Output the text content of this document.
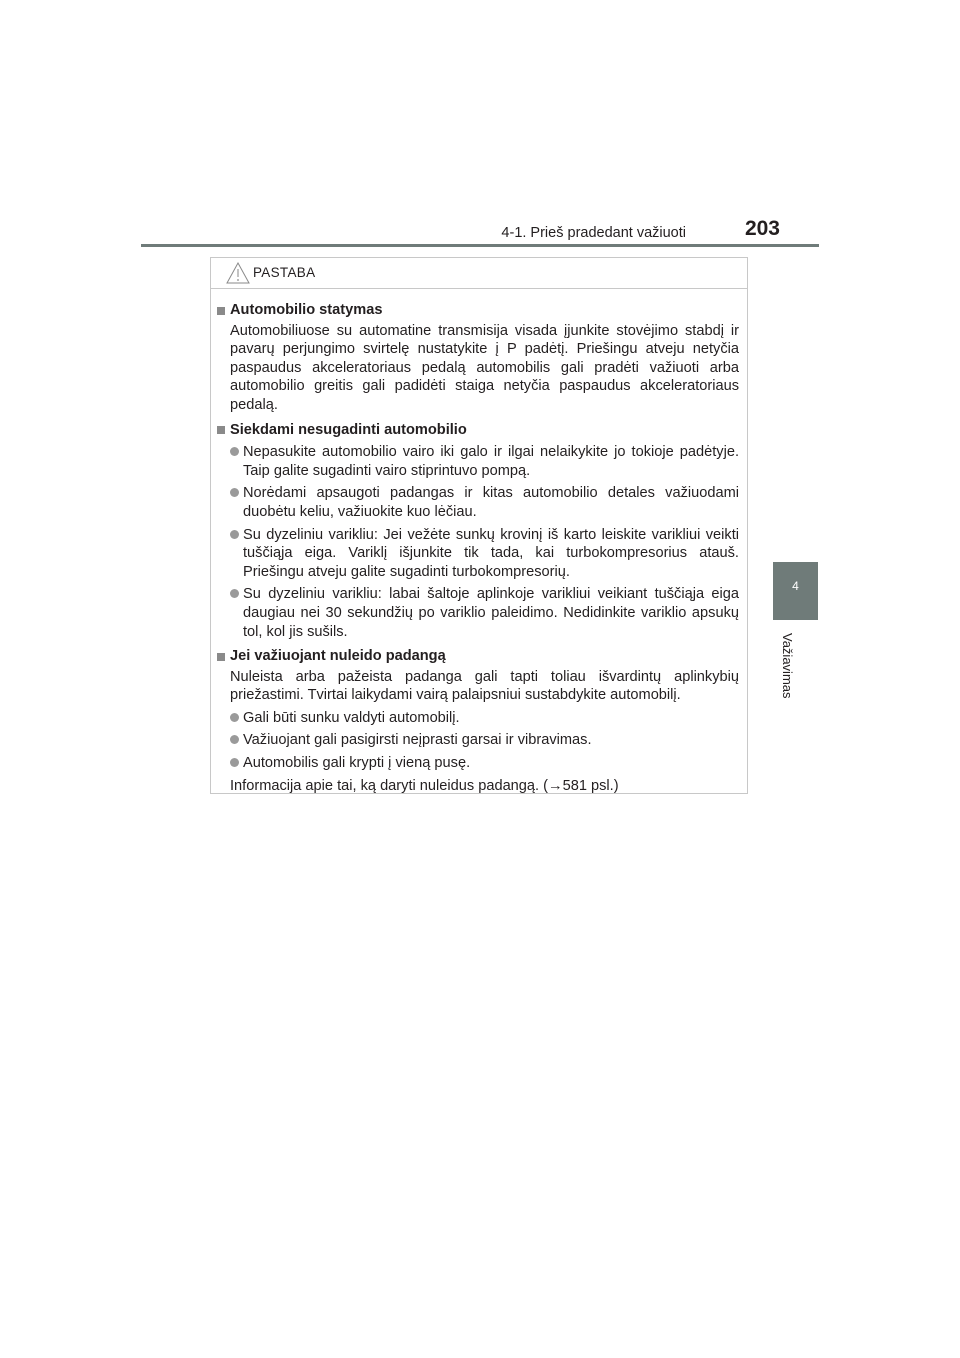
4-1. Prieš pradedant važiuoti	203
4
Važiavimas
PASTABA
Automobilio statymas
Automobiliuose su automatine transmisija visada įjunkite stovėjimo stabdį ir pavarų perjungimo svirtelę nustatykite į P padėtį. Priešingu atveju netyčia paspaudus akceleratoriaus pedalą automobilis gali pradėti važiuoti arba automobilio greitis gali padidėti staiga netyčia paspaudus akceleratoriaus pedalą.
Siekdami nesugadinti automobilio
Nepasukite automobilio vairo iki galo ir ilgai nelaikykite jo tokioje padėtyje. Taip galite sugadinti vairo stiprintuvo pompą.
Norėdami apsaugoti padangas ir kitas automobilio detales važiuodami duobėtu keliu, važiuokite kuo lėčiau.
Su dyzeliniu varikliu: Jei vežėte sunkų krovinį iš karto leiskite varikliui veikti tuščiąja eiga. Variklį išjunkite tik tada, kai turbokompresorius atauš. Priešingu atveju galite sugadinti turbokompresorių.
Su dyzeliniu varikliu: labai šaltoje aplinkoje varikliui veikiant tuščiąja eiga daugiau nei 30 sekundžių po variklio paleidimo. Nedidinkite variklio apsukų tol, kol jis sušils.
Jei važiuojant nuleido padangą
Nuleista arba pažeista padanga gali tapti toliau išvardintų aplinkybių priežastimi. Tvirtai laikydami vairą palaipsniui sustabdykite automobilį.
Gali būti sunku valdyti automobilį.
Važiuojant gali pasigirsti neįprasti garsai ir vibravimas.
Automobilis gali krypti į vieną pusę.
Informacija apie tai, ką daryti nuleidus padangą. (→581 psl.)
